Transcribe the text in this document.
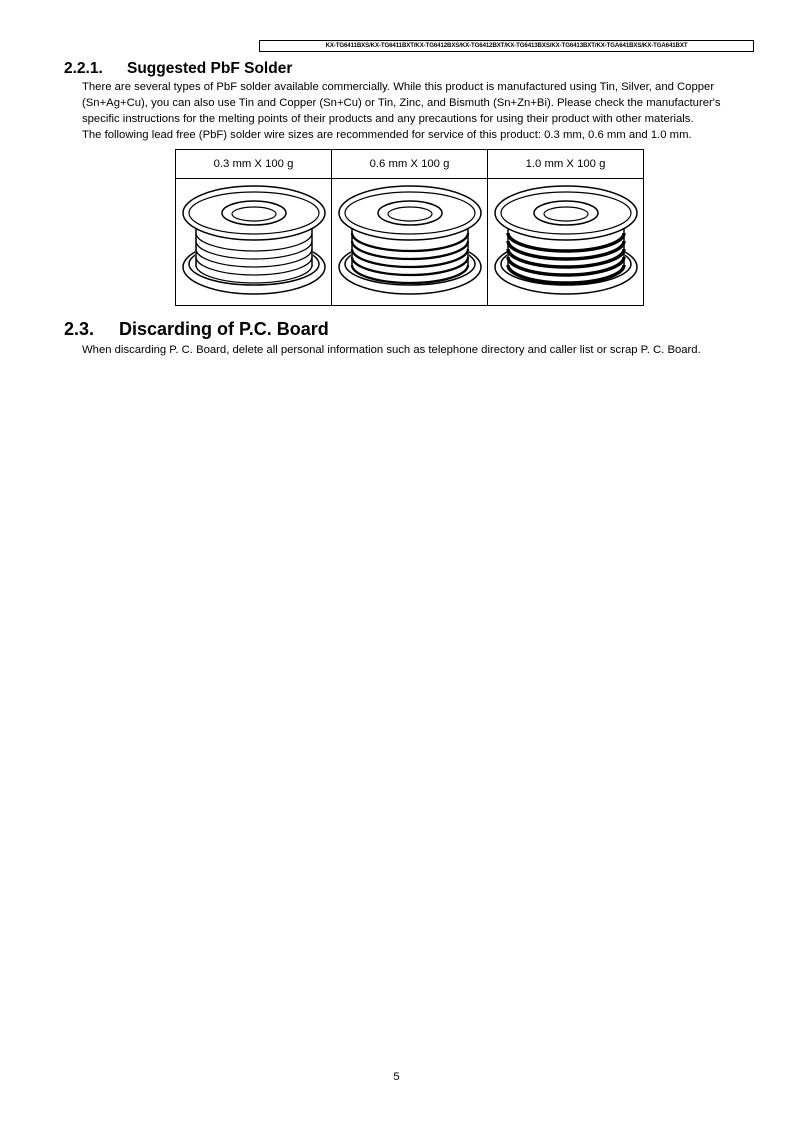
KX-TG6411BXS/KX-TG6411BXT/KX-TG6412BXS/KX-TG6412BXT/KX-TG6413BXS/KX-TG6413BXT/KX-TGA641BXS/KX-TGA641BXT
2.2.1. Suggested PbF Solder

There are several types of PbF solder available commercially. While this product is manufactured using Tin, Silver, and Copper (Sn+Ag+Cu), you can also use Tin and Copper (Sn+Cu) or Tin, Zinc, and Bismuth (Sn+Zn+Bi). Please check the manufacturer's specific instructions for the melting points of their products and any precautions for using their product with other materials.

The following lead free (PbF) solder wire sizes are recommended for service of this product: 0.3 mm, 0.6 mm and 1.0 mm.

0.3 mm X 100 g	0.6 mm X 100 g	1.0 mm X 100 g

2.3. Discarding of P.C. Board

When discarding P. C. Board, delete all personal information such as telephone directory and caller list or scrap P. C. Board.

5
